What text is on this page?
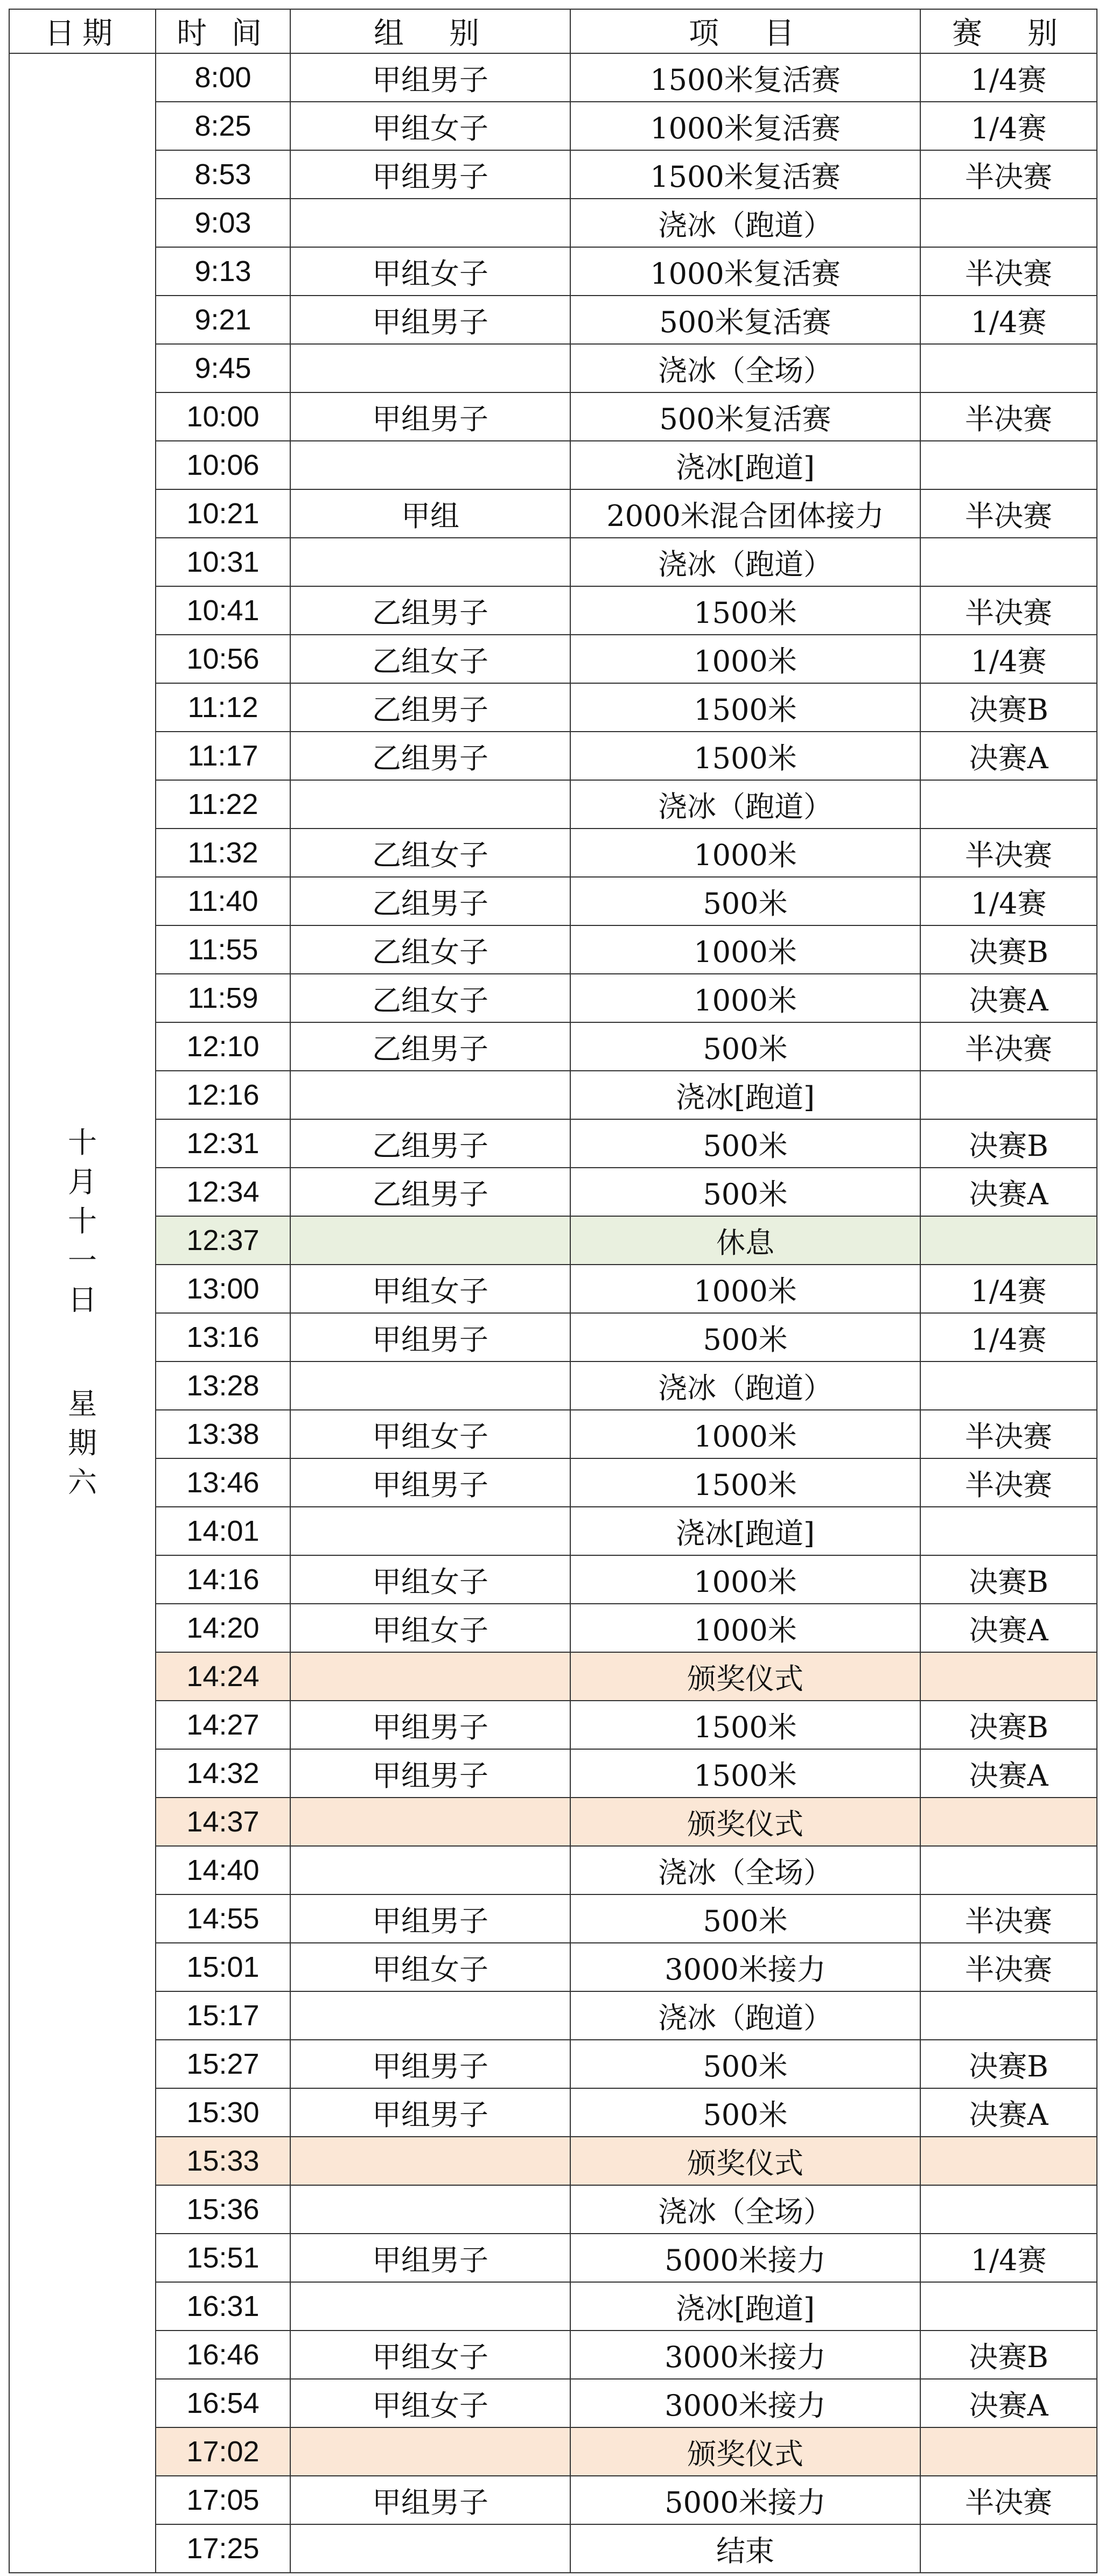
日期	时 间	组　别	项　目	赛　别
十月十一日
星期六	8:00	甲组男子	1500米复活赛	1/4赛
	8:25	甲组女子	1000米复活赛	1/4赛
	8:53	甲组男子	1500米复活赛	半决赛
	9:03		浇冰（跑道）	
	9:13	甲组女子	1000米复活赛	半决赛
	9:21	甲组男子	500米复活赛	1/4赛
	9:45		浇冰（全场）	
	10:00	甲组男子	500米复活赛	半决赛
	10:06		浇冰[跑道]	
	10:21	甲组	2000米混合团体接力	半决赛
	10:31		浇冰（跑道）	
	10:41	乙组男子	1500米	半决赛
	10:56	乙组女子	1000米	1/4赛
	11:12	乙组男子	1500米	决赛B
	11:17	乙组男子	1500米	决赛A
	11:22		浇冰（跑道）	
	11:32	乙组女子	1000米	半决赛
	11:40	乙组男子	500米	1/4赛
	11:55	乙组女子	1000米	决赛B
	11:59	乙组女子	1000米	决赛A
	12:10	乙组男子	500米	半决赛
	12:16		浇冰[跑道]	
	12:31	乙组男子	500米	决赛B
	12:34	乙组男子	500米	决赛A
	12:37		休息	
	13:00	甲组女子	1000米	1/4赛
	13:16	甲组男子	500米	1/4赛
	13:28		浇冰（跑道）	
	13:38	甲组女子	1000米	半决赛
	13:46	甲组男子	1500米	半决赛
	14:01		浇冰[跑道]	
	14:16	甲组女子	1000米	决赛B
	14:20	甲组女子	1000米	决赛A
	14:24		颁奖仪式	
	14:27	甲组男子	1500米	决赛B
	14:32	甲组男子	1500米	决赛A
	14:37		颁奖仪式	
	14:40		浇冰（全场）	
	14:55	甲组男子	500米	半决赛
	15:01	甲组女子	3000米接力	半决赛
	15:17		浇冰（跑道）	
	15:27	甲组男子	500米	决赛B
	15:30	甲组男子	500米	决赛A
	15:33		颁奖仪式	
	15:36		浇冰（全场）	
	15:51	甲组男子	5000米接力	1/4赛
	16:31		浇冰[跑道]	
	16:46	甲组女子	3000米接力	决赛B
	16:54	甲组女子	3000米接力	决赛A
	17:02		颁奖仪式	
	17:05	甲组男子	5000米接力	半决赛
	17:25		结束	
